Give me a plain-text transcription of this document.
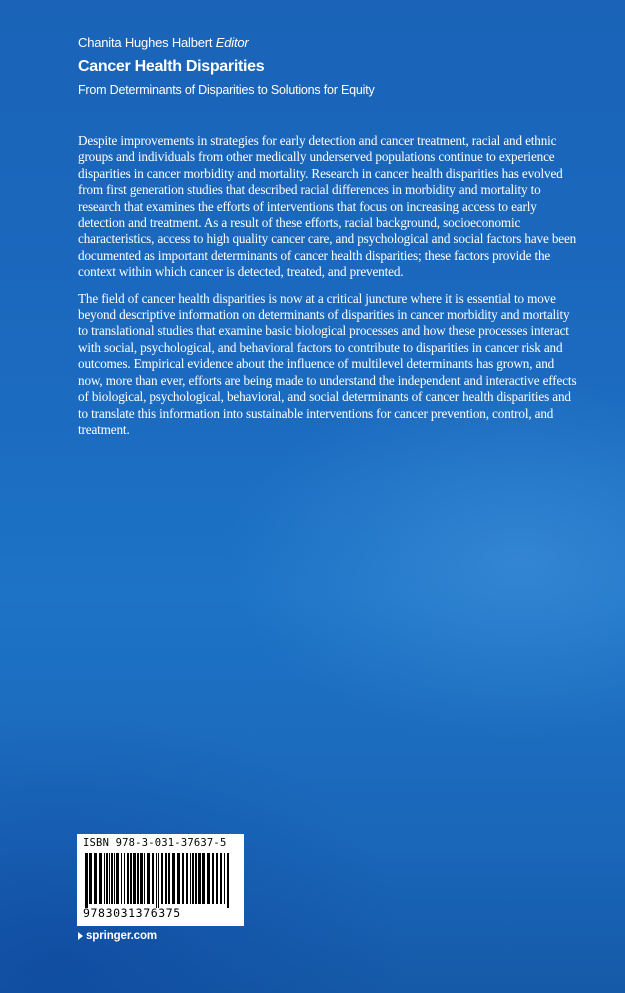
Chanita Hughes Halbert Editor
Cancer Health Disparities
From Determinants of Disparities to Solutions for Equity

Despite improvements in strategies for early detection and cancer treatment, racial and ethnic groups and individuals from other medically underserved populations continue to experience disparities in cancer morbidity and mortality. Research in cancer health disparities has evolved from first generation studies that described racial differences in morbidity and mortality to research that examines the efforts of interventions that focus on increasing access to early detection and treatment. As a result of these efforts, racial background, socioeconomic characteristics, access to high quality cancer care, and psychological and social factors have been documented as important determinants of cancer health disparities; these factors provide the context within which cancer is detected, treated, and prevented.

The field of cancer health disparities is now at a critical juncture where it is essential to move beyond descriptive information on determinants of disparities in cancer morbidity and mortality to translational studies that examine basic biological processes and how these processes interact with social, psychological, and behavioral factors to contribute to disparities in cancer risk and outcomes. Empirical evidence about the influence of multilevel determinants has grown, and now, more than ever, efforts are being made to understand the independent and interactive effects of biological, psychological, behavioral, and social determinants of cancer health disparities and to translate this information into sustainable interventions for cancer prevention, control, and treatment.

ISBN 978-3-031-37637-5
9783031376375
springer.com
